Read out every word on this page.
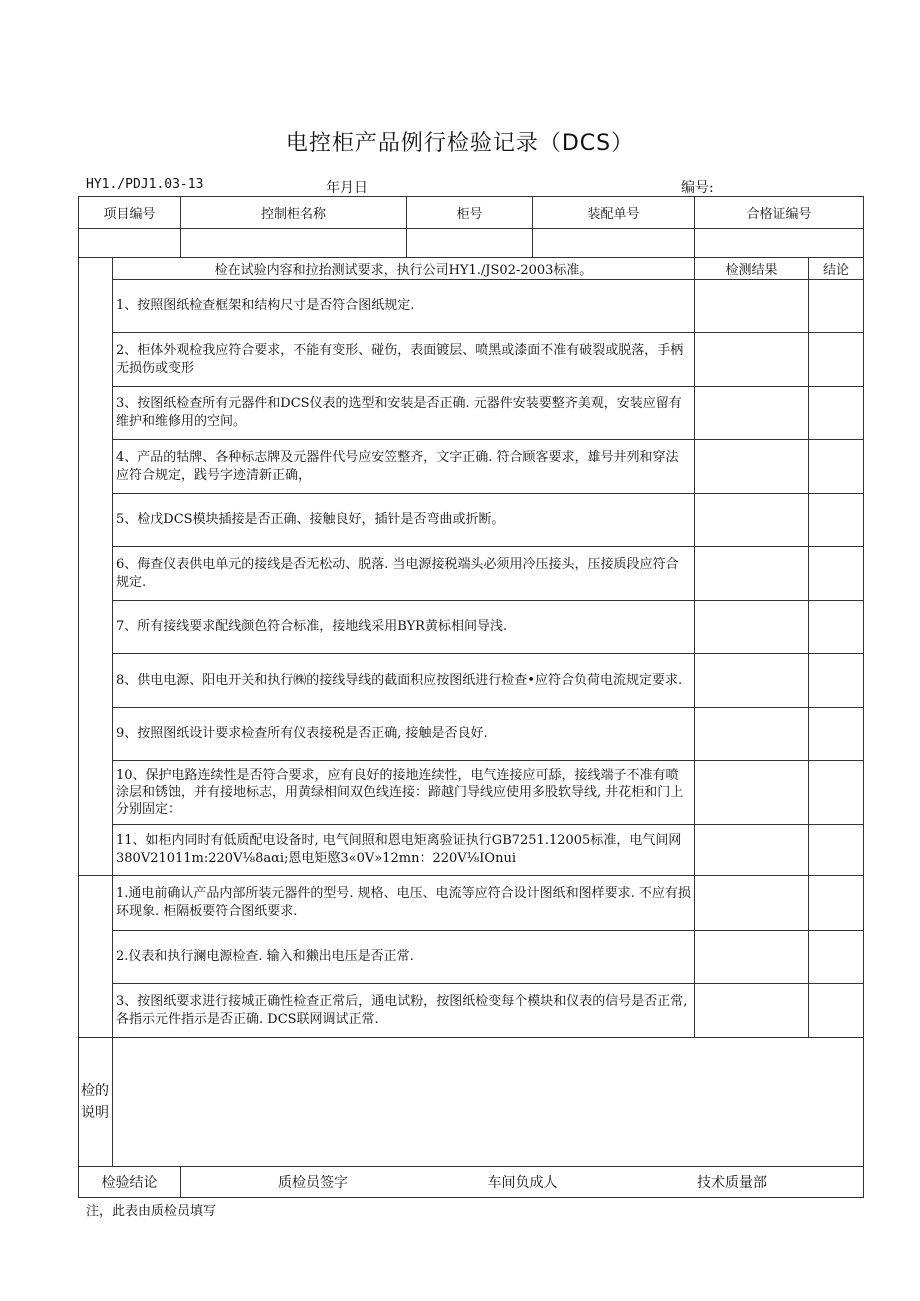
电控柜产品例行检验记录（DCS）
HY1./PDJ1.03-13	年月日	编号:
项目编号		控制柜名称	柜号	装配单号	合格证编号	

	检在试验内容和拉抬测试要求，执行公司HY1./JS02-2003标准。				检测结果	结论
	1、按照图纸检查框架和结构尺寸是否符合图纸规定.					
	2、柜体外观检我应符合要求，不能有变形、碰伤，表面镀层、喷黑或漆面不准有破裂或脱落，手柄无损伤或变形					
	3、按图纸检查所有元器件和DCS仪表的选型和安装是否正确. 元器件安装要整齐美观，安装应留有维护和维修用的空间。					
	4、产品的牯牌、各种标志牌及元器件代号应安笠整齐，文字正确. 符合顾客要求，雄号井列和穿法应符合规定，践号字迹清新正确，					
	5、检戊DCS模块插接是否正确、接触良好，插针是否弯曲或折断。					
	6、侮查仪表供电单元的接线是否无松动、脱落. 当电源接税端头必须用冷压接头，压接质段应符合规定.					
	7、所有接线要求配线颜色符合标准，接地线采用BYR黄标相间导浅.					
	8、供电电源、阳电开关和执行㈱的接线导线的截面积应按图纸进行检查•应符合负荷电流规定要求.					
	9、按照图纸设计要求检查所有仪表接税是否正确, 接触是否良好.					
	10、保护电路连续性是否符合要求，应有良好的接地连续性，电气连接应可舔，接线端子不准有喷涂层和锈蚀，并有接地标志，用黄绿相间双色线连接：蹄越门导线应使用多股软导线, 井花柜和门上分别固定：					
	11、如柜内同时有低质配电设备时, 电气间照和恩电矩离验证执行GB7251.12005标准，电气间网380V21011m:220V⅛8aαi;恩电矩愍3«0V»12mn：220V⅛IOnui					
	1.通电前确认产品内部所装元器件的型号. 规格、电压、电流等应符合设计图纸和图样要求. 不应有损环现象. 柜隔板要符合图纸要求.					
	2.仪表和执行澜电源检查. 输入和獭出电压是否正常.					
	3、按图纸要求进行接城正确性检查正常后，通电试粉，按图纸检变每个模块和仪表的信号是否正常, 各指示元件指示是否正确. DCS联网调试正常.					
检的
说明						
检验结论		质检员签字 车间负成人 技术质量部				
注，此表由质检员填写
